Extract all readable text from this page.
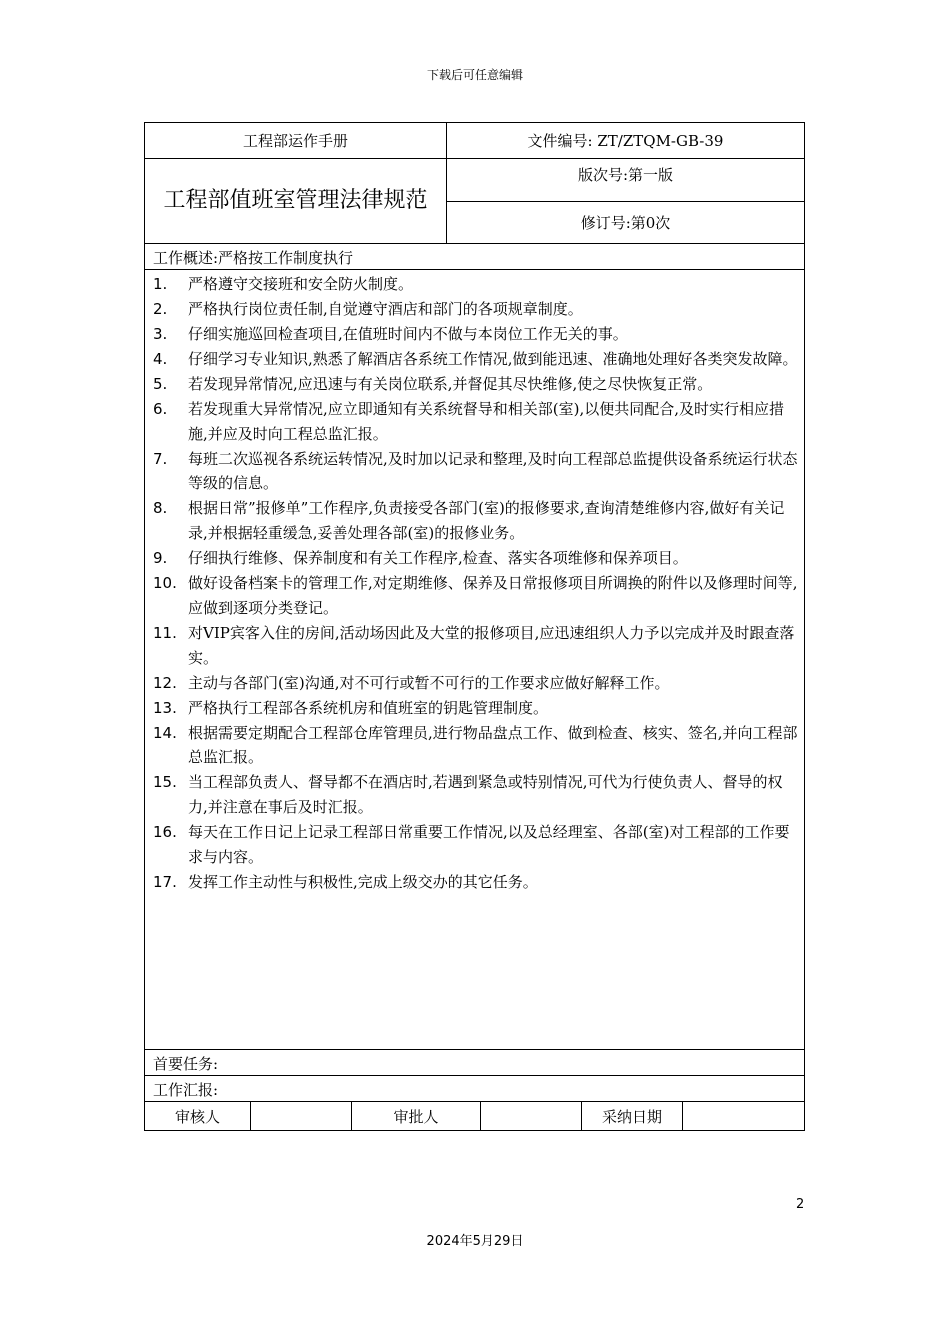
下载后可任意编辑
工程部运作手册	文件编号: ZT/ZTQM-GB-39
工程部值班室管理法律规范
版次号:第一版
修订号:第0次
工作概述:严格按工作制度执行
1.	严格遵守交接班和安全防火制度。
2.	严格执行岗位责任制,自觉遵守酒店和部门的各项规章制度。
3.	仔细实施巡回检查项目,在值班时间内不做与本岗位工作无关的事。
4.	仔细学习专业知识,熟悉了解酒店各系统工作情况,做到能迅速、准确地处理好各类突发故障。
5.	若发现异常情况,应迅速与有关岗位联系,并督促其尽快维修,使之尽快恢复正常。
6.	若发现重大异常情况,应立即通知有关系统督导和相关部(室),以便共同配合,及时实行相应措施,并应及时向工程总监汇报。
7.	每班二次巡视各系统运转情况,及时加以记录和整理,及时向工程部总监提供设备系统运行状态等级的信息。
8.	根据日常”报修单”工作程序,负责接受各部门(室)的报修要求,查询清楚维修内容,做好有关记录,并根据轻重缓急,妥善处理各部(室)的报修业务。
9.	仔细执行维修、保养制度和有关工作程序,检查、落实各项维修和保养项目。
10. 做好设备档案卡的管理工作,对定期维修、保养及日常报修项目所调换的附件以及修理时间等,应做到逐项分类登记。
11. 对VIP宾客入住的房间,活动场因此及大堂的报修项目,应迅速组织人力予以完成并及时跟查落实。
12. 主动与各部门(室)沟通,对不可行或暂不可行的工作要求应做好解释工作。
13. 严格执行工程部各系统机房和值班室的钥匙管理制度。
14. 根据需要定期配合工程部仓库管理员,进行物品盘点工作、做到检查、核实、签名,并向工程部总监汇报。
15. 当工程部负责人、督导都不在酒店时,若遇到紧急或特别情况,可代为行使负责人、督导的权力,并注意在事后及时汇报。
16. 每天在工作日记上记录工程部日常重要工作情况,以及总经理室、各部(室)对工程部的工作要求与内容。
17. 发挥工作主动性与积极性,完成上级交办的其它任务。
首要任务:
工作汇报:
审核人	审批人	采纳日期
2
2024年5月29日
